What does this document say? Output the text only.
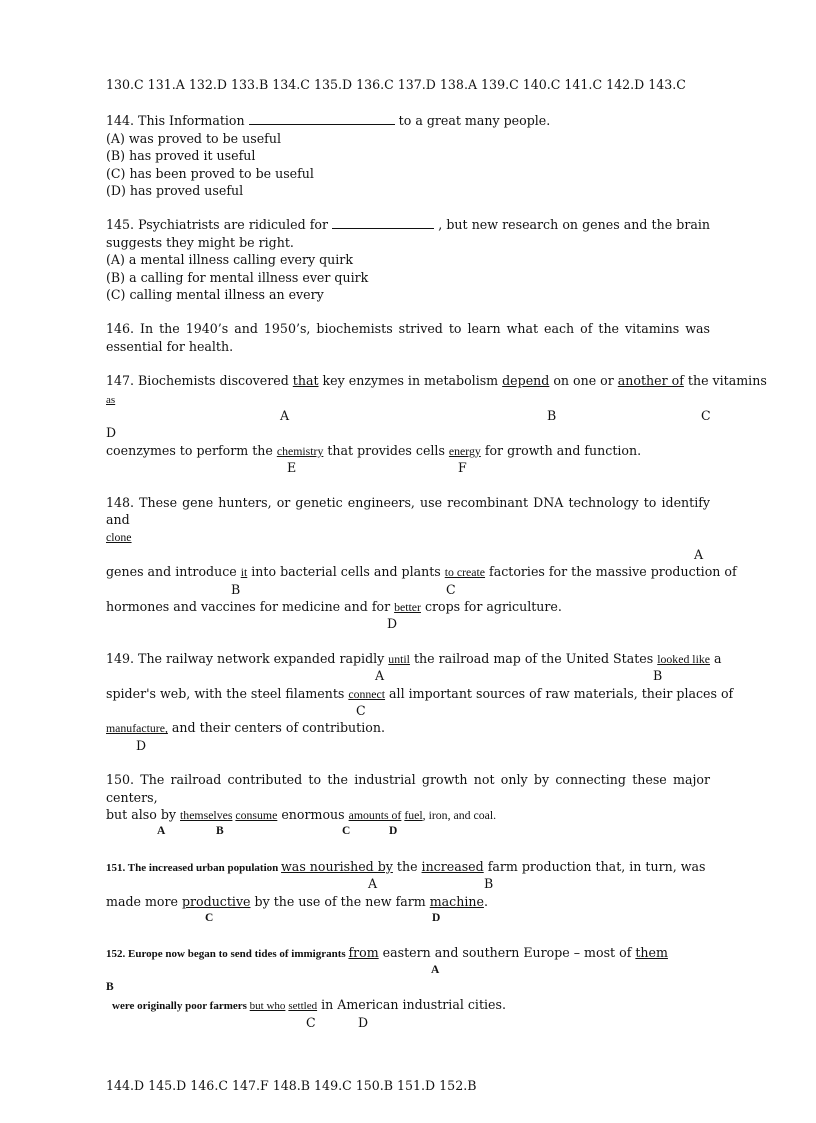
130.C 131.A 132.D 133.B 134.C 135.D 136.C 137.D 138.A 139.C 140.C 141.C 142.D 143.C
144. This Information	to a great many people.
(A) was proved to be useful
(B) has proved it useful
(C) has been proved to be useful
(D) has proved useful
145. Psychiatrists are ridiculed for	, but new research on genes and the brain suggests they might be right.
(A) a mental illness calling every quirk
(B) a calling for mental illness ever quirk
(C) calling mental illness an every
146. In the 1940’s and 1950’s, biochemists strived to learn what each of the vitamins was essential for health.
147. Biochemists discovered that key enzymes in metabolism depend on one or another of the vitamins
as
A	B	C
D
coenzymes to perform the chemistry that provides cells energy for growth and function.
E	F
148. These gene hunters, or genetic engineers, use recombinant DNA technology to identify and
clone
A
genes and introduce it into bacterial cells and plants to create factories for the massive production of
B	C
hormones and vaccines for medicine and for better crops for agriculture.
D
149. The railway network expanded rapidly until the railroad map of the United States looked like a
A	B
spider's web, with the steel filaments connect all important sources of raw materials, their places of
C
manufacture, and their centers of contribution.
D
150. The railroad contributed to the industrial growth not only by connecting these major centers,
but also by themselves consume enormous amounts of fuel, iron, and coal.
A	B	C	D
151. The increased urban population was nourished by the increased farm production that, in turn, was
A	B
made more productive by the use of the new farm machine.
C	D
152. Europe now began to send tides of immigrants from eastern and southern Europe – most of them
A
B
were originally poor farmers but who settled in American industrial cities.
C	D
144.D 145.D 146.C 147.F 148.B 149.C 150.B 151.D 152.B
